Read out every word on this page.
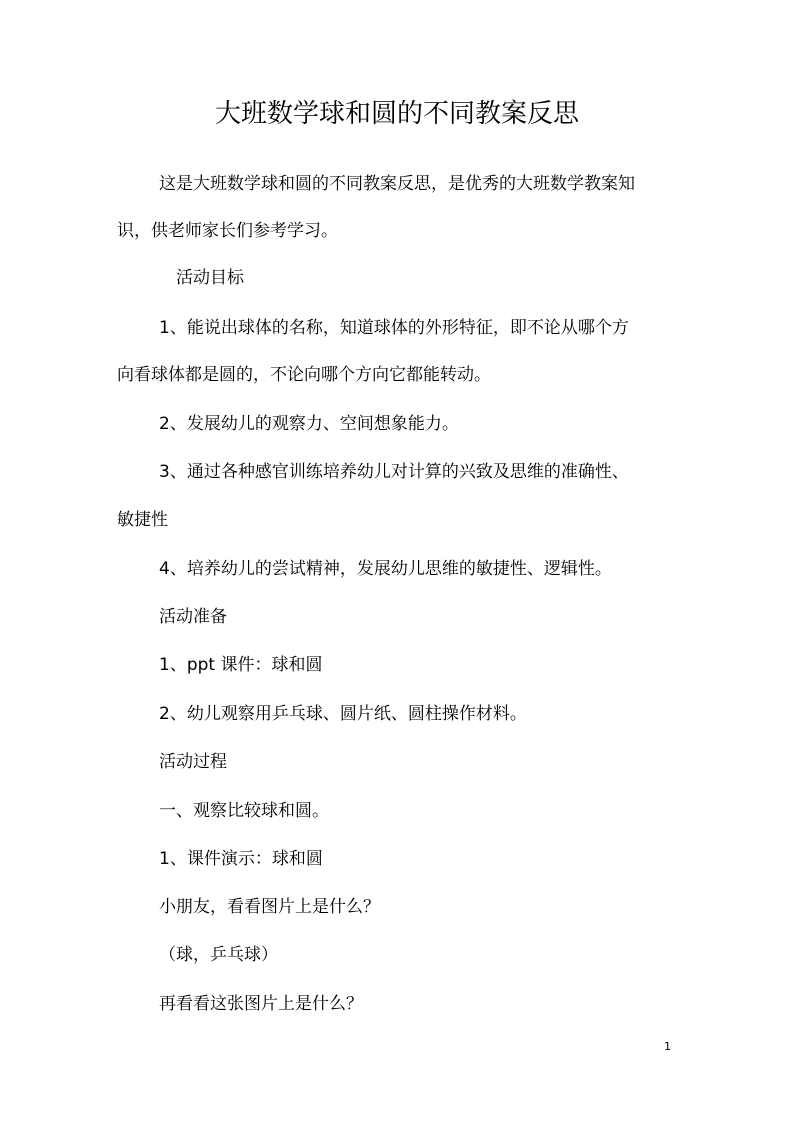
大班数学球和圆的不同教案反思

这是大班数学球和圆的不同教案反思，是优秀的大班数学教案知

识，供老师家长们参考学习。

活动目标

1、能说出球体的名称，知道球体的外形特征，即不论从哪个方

向看球体都是圆的，不论向哪个方向它都能转动。

2、发展幼儿的观察力、空间想象能力。

3、通过各种感官训练培养幼儿对计算的兴致及思维的准确性、

敏捷性

4、培养幼儿的尝试精神，发展幼儿思维的敏捷性、逻辑性。

活动准备

1、ppt 课件：球和圆

2、幼儿观察用乒乓球、圆片纸、圆柱操作材料。

活动过程

一、观察比较球和圆。

1、课件演示：球和圆

小朋友，看看图片上是什么？

（球，乒乓球）

再看看这张图片上是什么？

1
